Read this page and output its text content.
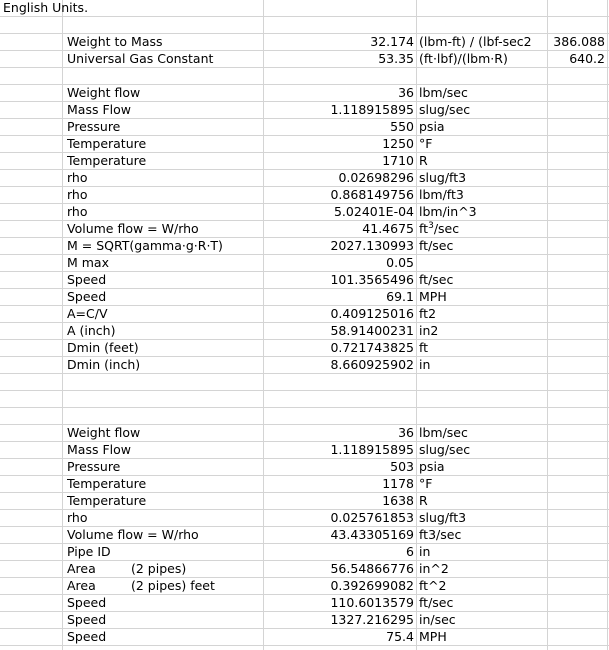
English Units.
Weight to Mass	32.174 (lbm-ft) / (lbf-sec2	386.088
Universal Gas Constant	53.35 (ft·lbf)/(lbm·R)	640.2
Weight flow	36 lbm/sec
Mass Flow	1.118915895 slug/sec
Pressure	550 psia
Temperature	1250 °F
Temperature	1710 R
rho	0.02698296 slug/ft3
rho	0.868149756 lbm/ft3
rho	5.02401E-04 lbm/in^3
Volume flow = W/rho	41.4675 $ft^3/\sec$
M = SQRT(gamma·g·R·T)	2027.130993 ft/sec
M max	0.05
Speed	101.3565496 ft/sec
Speed	69.1 MPH
A=C/V	0.409125016 ft2
A (inch)	58.91400231 in2
Dmin (feet)	0.721743825 ft
Dmin (inch)	8.660925902 in
Weight flow	36 lbm/sec
Mass Flow	1.118915895 slug/sec
Pressure	503 psia
Temperature	1178 °F
Temperature	1638 R
rho	0.025761853 slug/ft3
Volume flow = W/rho	43.43305169 ft3/sec
Pipe ID	6 in
Area	(2 pipes)	56.54866776 in^2
Area	(2 pipes) feet	0.392699082 ft^2
Speed	110.6013579 ft/sec
Speed	1327.216295 in/sec
Speed	75.4 MPH
